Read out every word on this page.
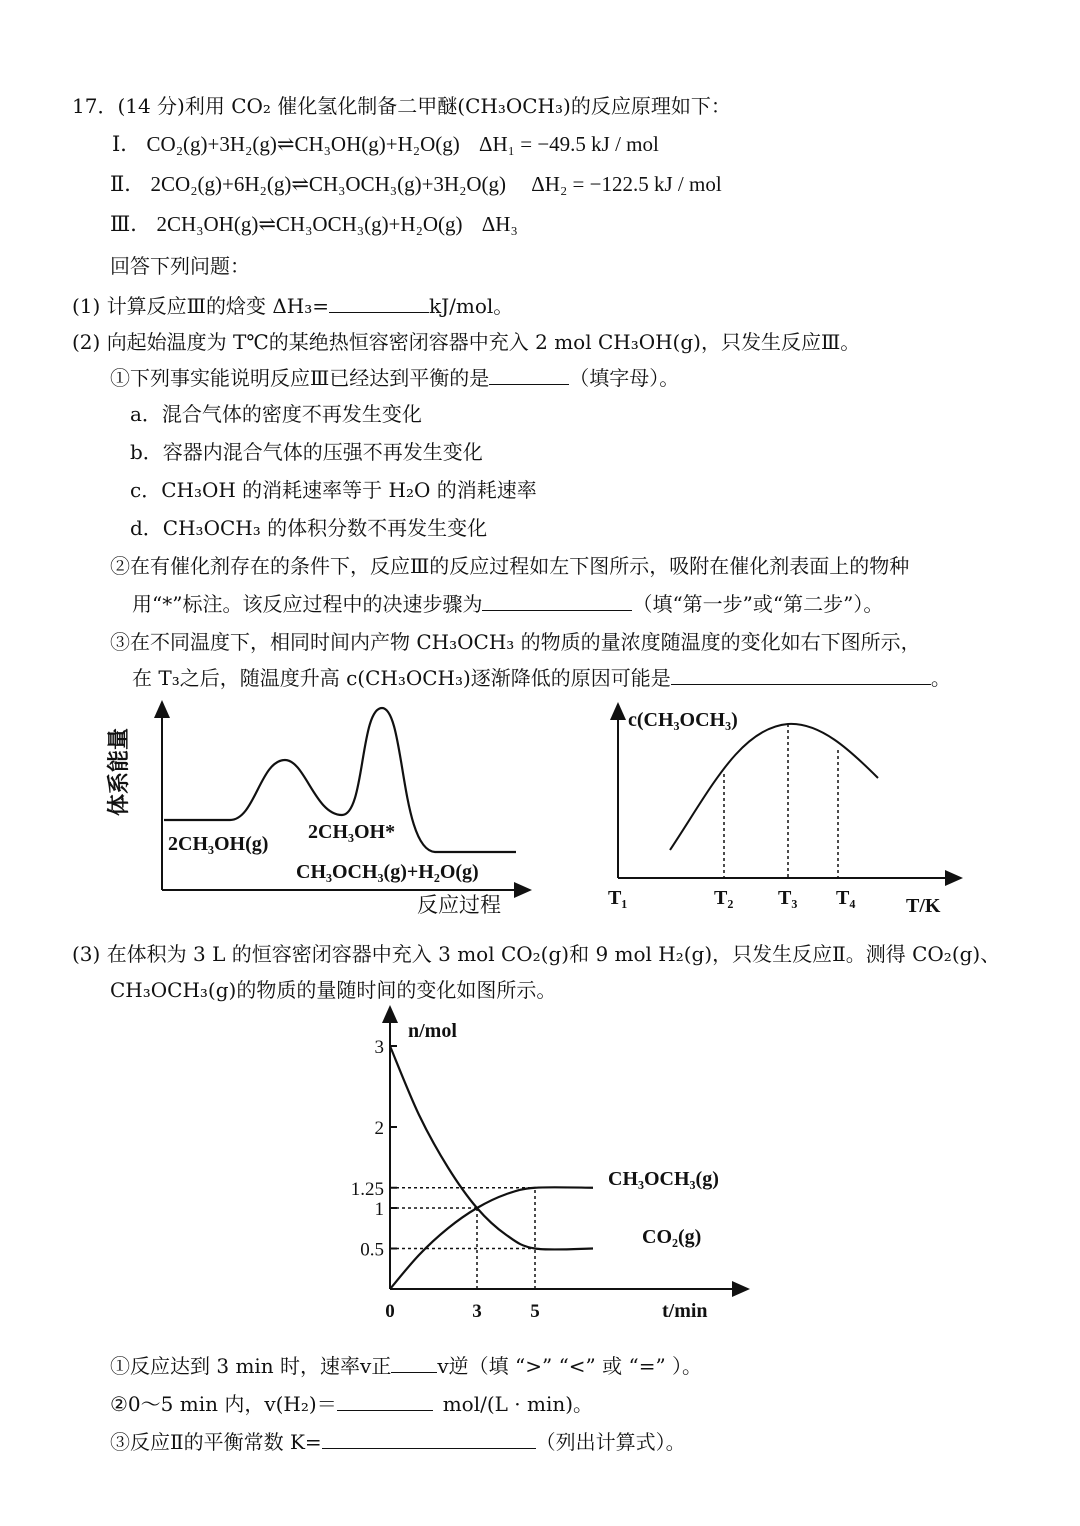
17．(14 分)利用 CO₂ 催化氢化制备二甲醚(CH₃OCH₃)的反应原理如下：
Ⅰ． CO₂(g)+3H₂(g)⇌CH₃OH(g)+H₂O(g) ΔH₁ = −49.5 kJ / mol
Ⅱ． 2CO₂(g)+6H₂(g)⇌CH₃OCH₃(g)+3H₂O(g) ΔH₂ = −122.5 kJ / mol
Ⅲ． 2CH₃OH(g)⇌CH₃OCH₃(g)+H₂O(g) ΔH₃
回答下列问题：
(1) 计算反应Ⅲ的焓变 ΔH₃=	kJ/mol。
(2) 向起始温度为 T℃的某绝热恒容密闭容器中充入 2 mol CH₃OH(g)，只发生反应Ⅲ。
①下列事实能说明反应Ⅲ已经达到平衡的是	（填字母）。
a．混合气体的密度不再发生变化
b．容器内混合气体的压强不再发生变化
c．CH₃OH 的消耗速率等于 H₂O 的消耗速率
d．CH₃OCH₃ 的体积分数不再发生变化
②在有催化剂存在的条件下，反应Ⅲ的反应过程如左下图所示，吸附在催化剂表面上的物种
用“*”标注。该反应过程中的决速步骤为	（填“第一步”或“第二步”）。
③在不同温度下，相同时间内产物 CH₃OCH₃ 的物质的量浓度随温度的变化如右下图所示，
在 T₃之后，随温度升高 c(CH₃OCH₃)逐渐降低的原因可能是	。
体系能量
2CH₃OH(g)
2CH₃OH*
CH₃OCH₃(g)+H₂O(g)
反应过程
c(CH₃OCH₃)
T₁	T₂ T₃ T₄	T/K
(3) 在体积为 3 L 的恒容密闭容器中充入 3 mol CO₂(g)和 9 mol H₂(g)，只发生反应Ⅱ。测得 CO₂(g)、
CH₃OCH₃(g)的物质的量随时间的变化如图所示。
0.5
1
1.25
2
3
0	3	5
n/mol
t/min
CH₃OCH₃(g)
CO₂(g)
①反应达到 3 min 时，速率v正 v逆（填 “>” “<” 或 “=” ）。
②0～5 min 内，v(H₂)＝	mol/(L · min)。
③反应Ⅱ的平衡常数 K=	（列出计算式）。
